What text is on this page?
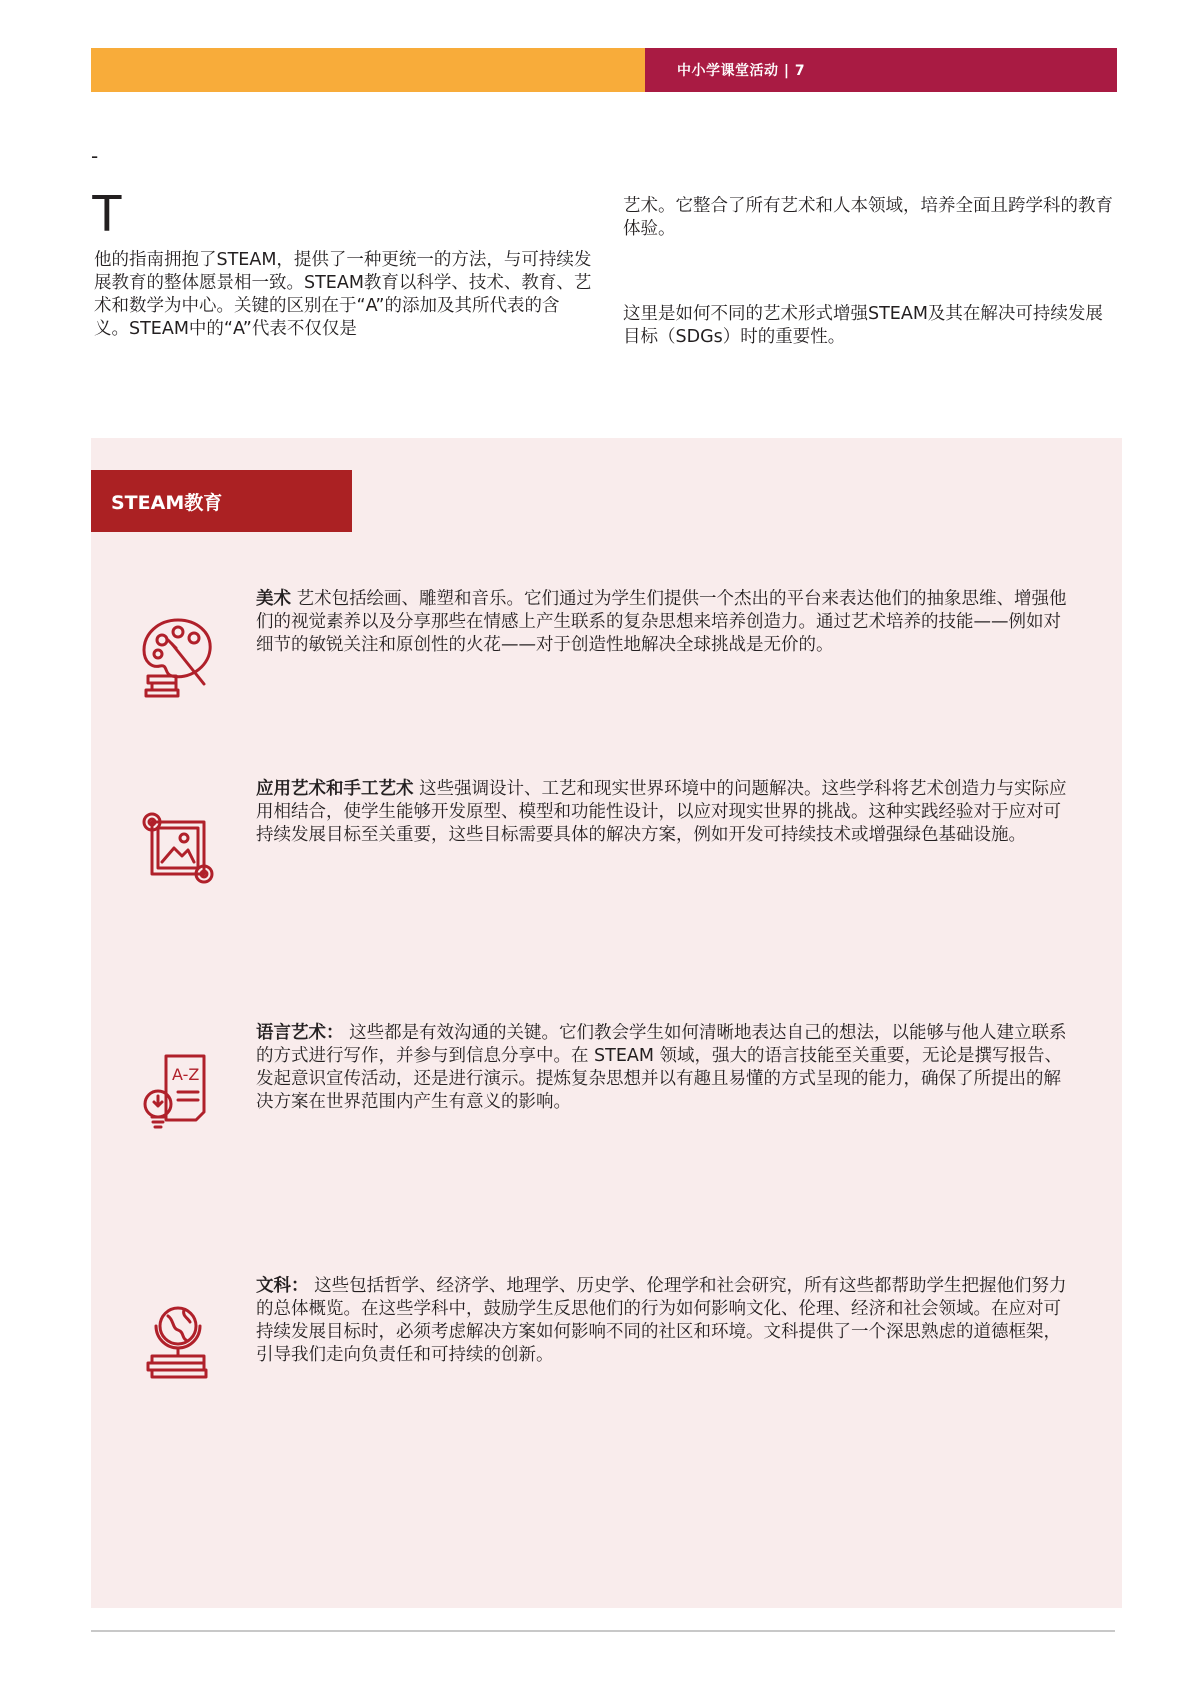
中小学课堂活动 | 7
-
T
他的指南拥抱了STEAM，提供了一种更统一的方法，与可持续发展教育的整体愿景相一致。STEAM教育以科学、技术、教育、艺术和数学为中心。关键的区别在于“A”的添加及其所代表的含义。STEAM中的“A”代表不仅仅是
艺术。它整合了所有艺术和人本领域，培养全面且跨学科的教育体验。
这里是如何不同的艺术形式增强STEAM及其在解决可持续发展目标（SDGs）时的重要性。
STEAM教育
美术 艺术包括绘画、雕塑和音乐。它们通过为学生们提供一个杰出的平台来表达他们的抽象思维、增强他们的视觉素养以及分享那些在情感上产生联系的复杂思想来培养创造力。通过艺术培养的技能——例如对细节的敏锐关注和原创性的火花——对于创造性地解决全球挑战是无价的。
应用艺术和手工艺术 这些强调设计、工艺和现实世界环境中的问题解决。这些学科将艺术创造力与实际应用相结合，使学生能够开发原型、模型和功能性设计，以应对现实世界的挑战。这种实践经验对于应对可持续发展目标至关重要，这些目标需要具体的解决方案，例如开发可持续技术或增强绿色基础设施。
A-Z
语言艺术： 这些都是有效沟通的关键。它们教会学生如何清晰地表达自己的想法，以能够与他人建立联系的方式进行写作，并参与到信息分享中。在 STEAM 领域，强大的语言技能至关重要，无论是撰写报告、发起意识宣传活动，还是进行演示。提炼复杂思想并以有趣且易懂的方式呈现的能力，确保了所提出的解决方案在世界范围内产生有意义的影响。
文科： 这些包括哲学、经济学、地理学、历史学、伦理学和社会研究，所有这些都帮助学生把握他们努力的总体概览。在这些学科中，鼓励学生反思他们的行为如何影响文化、伦理、经济和社会领域。在应对可持续发展目标时，必须考虑解决方案如何影响不同的社区和环境。文科提供了一个深思熟虑的道德框架，引导我们走向负责任和可持续的创新。
